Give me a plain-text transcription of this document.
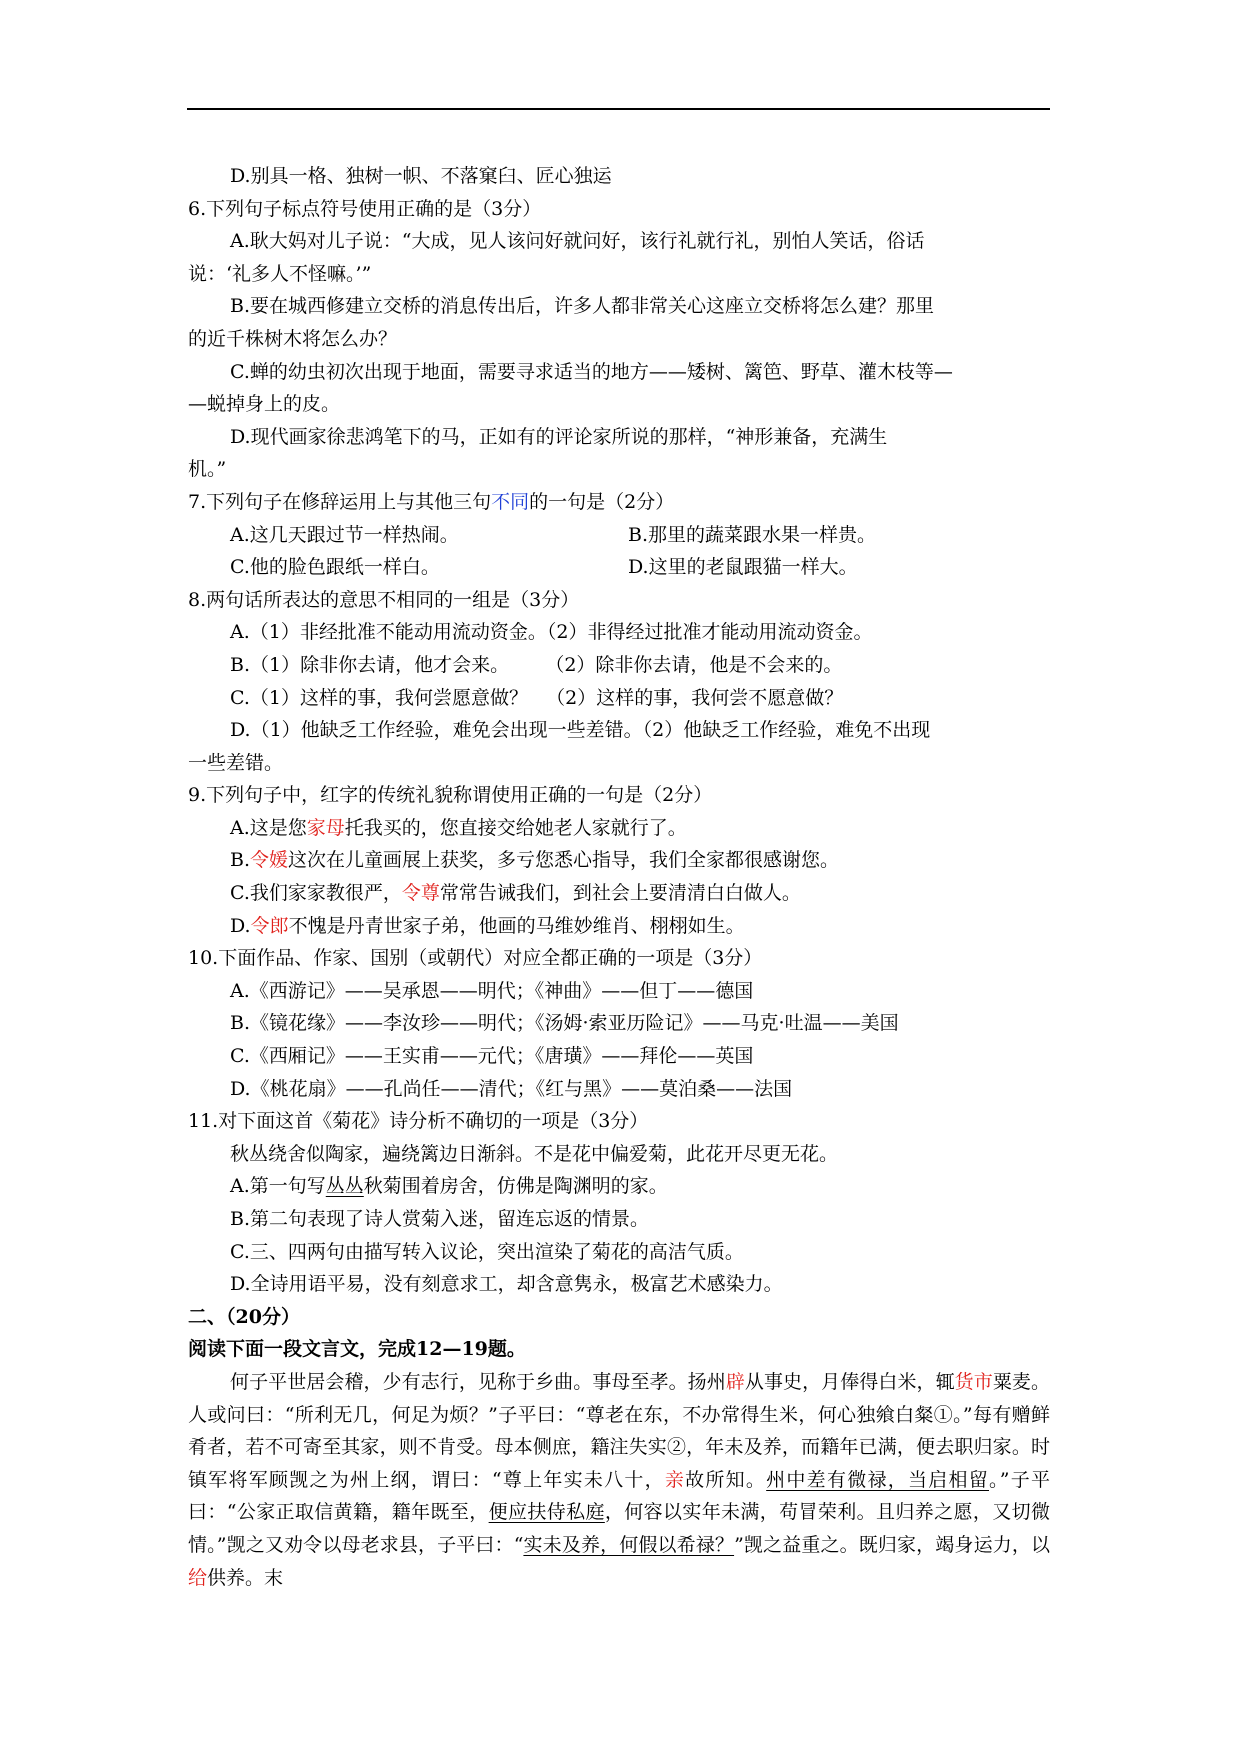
D.别具一格、独树一帜、不落窠臼、匠心独运

6.下列句子标点符号使用正确的是（3分）

A.耿大妈对儿子说：“大成，见人该问好就问好，该行礼就行礼，别怕人笑话，俗话

说：‘礼多人不怪嘛。’”

B.要在城西修建立交桥的消息传出后，许多人都非常关心这座立交桥将怎么建？那里

的近千株树木将怎么办？

C.蝉的幼虫初次出现于地面，需要寻求适当的地方——矮树、篱笆、野草、灌木枝等—

—蜕掉身上的皮。

D.现代画家徐悲鸿笔下的马，正如有的评论家所说的那样，“神形兼备，充满生

机。”

7.下列句子在修辞运用上与其他三句不同的一句是（2分）

A.这几天跟过节一样热闹。	B.那里的蔬菜跟水果一样贵。
C.他的脸色跟纸一样白。	D.这里的老鼠跟猫一样大。

8.两句话所表达的意思不相同的一组是（3分）

A.（1）非经批准不能动用流动资金。（2）非得经过批准才能动用流动资金。

B.（1）除非你去请，他才会来。      （2）除非你去请，他是不会来的。

C.（1）这样的事，我何尝愿意做？   （2）这样的事，我何尝不愿意做？

D.（1）他缺乏工作经验，难免会出现一些差错。（2）他缺乏工作经验，难免不出现

一些差错。

9.下列句子中，红字的传统礼貌称谓使用正确的一句是（2分）

A.这是您家母托我买的，您直接交给她老人家就行了。

B.令媛这次在儿童画展上获奖，多亏您悉心指导，我们全家都很感谢您。

C.我们家家教很严，令尊常常告诫我们，到社会上要清清白白做人。

D.令郎不愧是丹青世家子弟，他画的马维妙维肖、栩栩如生。

10.下面作品、作家、国别（或朝代）对应全都正确的一项是（3分）

A.《西游记》——吴承恩——明代；《神曲》——但丁——德国

B.《镜花缘》——李汝珍——明代；《汤姆·索亚历险记》——马克·吐温——美国

C.《西厢记》——王实甫——元代；《唐璜》——拜伦——英国

D.《桃花扇》——孔尚任——清代；《红与黑》——莫泊桑——法国

11.对下面这首《菊花》诗分析不确切的一项是（3分）

秋丛绕舍似陶家，遍绕篱边日渐斜。不是花中偏爱菊，此花开尽更无花。

A.第一句写丛丛秋菊围着房舍，仿佛是陶渊明的家。

B.第二句表现了诗人赏菊入迷，留连忘返的情景。

C.三、四两句由描写转入议论，突出渲染了菊花的高洁气质。

D.全诗用语平易，没有刻意求工，却含意隽永，极富艺术感染力。

二、（20分）

阅读下面一段文言文，完成12—19题。

何子平世居会稽，少有志行，见称于乡曲。事母至孝。扬州辟从事史，月俸得白米，辄货市粟麦。人或问曰：“所利无几，何足为烦？”子平曰：“尊老在东，不办常得生米，何心独飨白粲①。”每有赠鲜肴者，若不可寄至其家，则不肯受。母本侧庶，籍注失实②，年未及养，而籍年已满，便去职归家。时镇军将军顾觊之为州上纲，谓曰：“尊上年实未八十，亲故所知。州中差有微禄，当启相留。”子平曰：“公家正取信黄籍，籍年既至，便应扶侍私庭，何容以实年未满，苟冒荣利。且归养之愿，又切微情。”觊之又劝令以母老求县，子平曰：“实未及养，何假以希禄？”觊之益重之。既归家，竭身运力，以给供养。末
